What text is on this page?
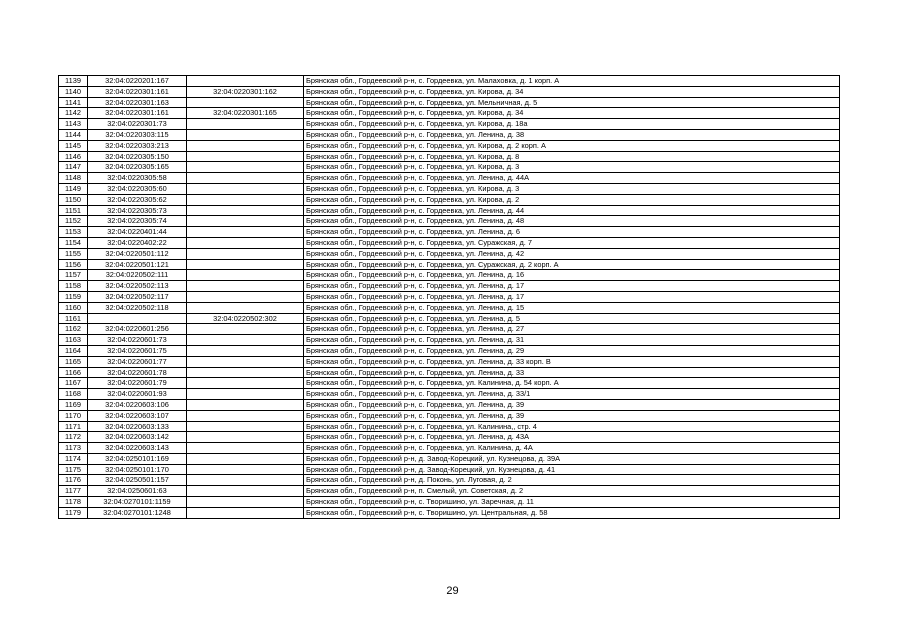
1139	32:04:0220201:167		Брянская обл., Гордеевский р-н, с. Гордеевка, ул. Малаховка, д. 1 корп. А
1140	32:04:0220301:161	32:04:0220301:162	Брянская обл., Гордеевский р-н, с. Гордеевка, ул. Кирова, д. 34
1141	32:04:0220301:163		Брянская обл., Гордеевский р-н, с. Гордеевка, ул. Мельничная, д. 5
1142	32:04:0220301:161	32:04:0220301:165	Брянская обл., Гордеевский р-н, с. Гордеевка, ул. Кирова, д. 34
1143	32:04:0220301:73		Брянская обл., Гордеевский р-н, с. Гордеевка, ул. Кирова, д. 18а
1144	32:04:0220303:115		Брянская обл., Гордеевский р-н, с. Гордеевка, ул. Ленина, д. 38
1145	32:04:0220303:213		Брянская обл., Гордеевский р-н, с. Гордеевка, ул. Кирова, д. 2 корп. А
1146	32:04:0220305:150		Брянская обл., Гордеевский р-н, с. Гордеевка, ул. Кирова, д. 8
1147	32:04:0220305:165		Брянская обл., Гордеевский р-н, с. Гордеевка, ул. Кирова, д. 3
1148	32:04:0220305:58		Брянская обл., Гордеевский р-н, с. Гордеевка, ул. Ленина, д. 44А
1149	32:04:0220305:60		Брянская обл., Гордеевский р-н, с. Гордеевка, ул. Кирова, д. 3
1150	32:04:0220305:62		Брянская обл., Гордеевский р-н, с. Гордеевка, ул. Кирова, д. 2
1151	32:04:0220305:73		Брянская обл., Гордеевский р-н, с. Гордеевка, ул. Ленина, д. 44
1152	32:04:0220305:74		Брянская обл., Гордеевский р-н, с. Гордеевка, ул. Ленина, д. 48
1153	32:04:0220401:44		Брянская обл., Гордеевский р-н, с. Гордеевка, ул. Ленина, д. 6
1154	32:04:0220402:22		Брянская обл., Гордеевский р-н, с. Гордеевка, ул. Суражская, д. 7
1155	32:04:0220501:112		Брянская обл., Гордеевский р-н, с. Гордеевка, ул. Ленина, д. 42
1156	32:04:0220501:121		Брянская обл., Гордеевский р-н, с. Гордеевка, ул. Суражская, д. 2 корп. А
1157	32:04:0220502:111		Брянская обл., Гордеевский р-н, с. Гордеевка, ул. Ленина, д. 16
1158	32:04:0220502:113		Брянская обл., Гордеевский р-н, с. Гордеевка, ул. Ленина, д. 17
1159	32:04:0220502:117		Брянская обл., Гордеевский р-н, с. Гордеевка, ул. Ленина, д. 17
1160	32:04:0220502:118		Брянская обл., Гордеевский р-н, с. Гордеевка, ул. Ленина, д. 15
1161		32:04:0220502:302	Брянская обл., Гордеевский р-н, с. Гордеевка, ул. Ленина, д. 5
1162	32:04:0220601:256		Брянская обл., Гордеевский р-н, с. Гордеевка, ул. Ленина, д. 27
1163	32:04:0220601:73		Брянская обл., Гордеевский р-н, с. Гордеевка, ул. Ленина, д. 31
1164	32:04:0220601:75		Брянская обл., Гордеевский р-н, с. Гордеевка, ул. Ленина, д. 29
1165	32:04:0220601:77		Брянская обл., Гордеевский р-н, с. Гордеевка, ул. Ленина, д. 33 корп. В
1166	32:04:0220601:78		Брянская обл., Гордеевский р-н, с. Гордеевка, ул. Ленина, д. 33
1167	32:04:0220601:79		Брянская обл., Гордеевский р-н, с. Гордеевка, ул. Калинина, д. 54 корп. А
1168	32:04:0220601:93		Брянская обл., Гордеевский р-н, с. Гордеевка, ул. Ленина, д. 33/1
1169	32:04:0220603:106		Брянская обл., Гордеевский р-н, с. Гордеевка, ул. Ленина, д. 39
1170	32:04:0220603:107		Брянская обл., Гордеевский р-н, с. Гордеевка, ул. Ленина, д. 39
1171	32:04:0220603:133		Брянская обл., Гордеевский р-н, с. Гордеевка, ул. Калинина,, стр. 4
1172	32:04:0220603:142		Брянская обл., Гордеевский р-н, с. Гордеевка, ул. Ленина, д. 43А
1173	32:04:0220603:143		Брянская обл., Гордеевский р-н, с. Гордеевка, ул. Калинина, д. 4А
1174	32:04:0250101:169		Брянская обл., Гордеевский р-н, д. Завод-Корецкий, ул. Кузнецова, д. 39А
1175	32:04:0250101:170		Брянская обл., Гордеевский р-н, д. Завод-Корецкий, ул. Кузнецова, д. 41
1176	32:04:0250501:157		Брянская обл., Гордеевский р-н, д. Поконь, ул. Луговая, д. 2
1177	32:04:0250601:63		Брянская обл., Гордеевский р-н, п. Смелый, ул. Советская, д. 2
1178	32:04:0270101:1159		Брянская обл., Гордеевский р-н, с. Творишино, ул. Заречная, д. 11
1179	32:04:0270101:1248		Брянская обл., Гордеевский р-н, с. Творишино, ул. Центральная, д. 58
29
